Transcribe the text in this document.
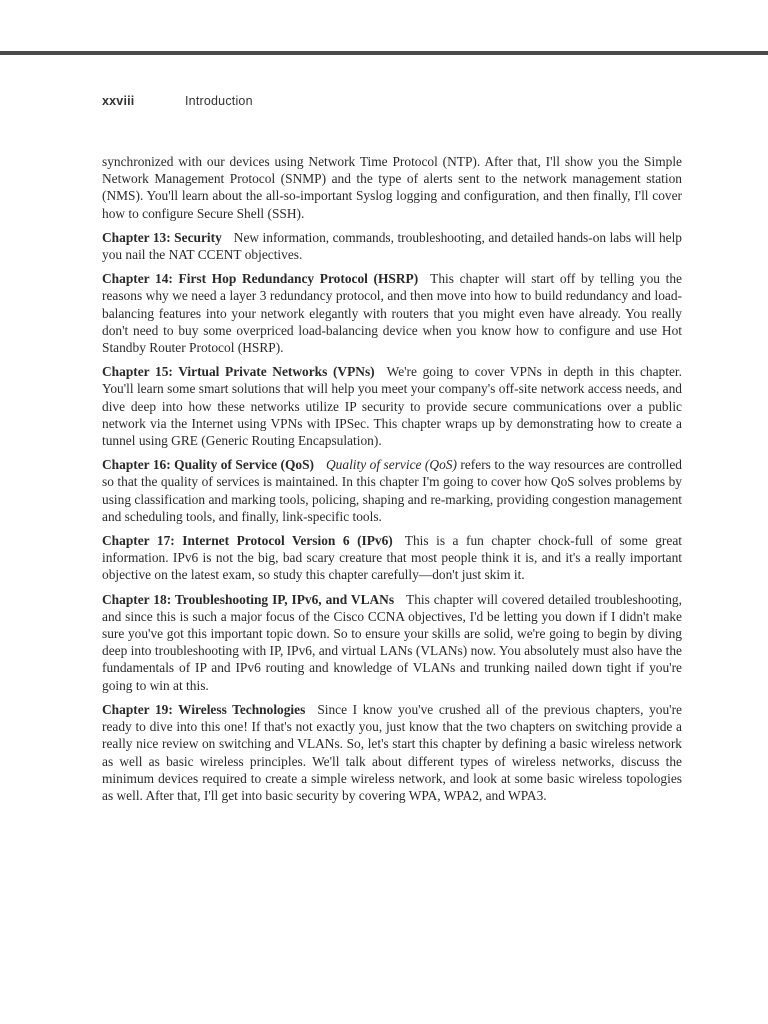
xxviii	Introduction

synchronized with our devices using Network Time Protocol (NTP). After that, I'll show you the Simple Network Management Protocol (SNMP) and the type of alerts sent to the network management station (NMS). You'll learn about the all-so-important Syslog logging and configuration, and then finally, I'll cover how to configure Secure Shell (SSH).

Chapter 13: Security New information, commands, troubleshooting, and detailed hands-on labs will help you nail the NAT CCENT objectives.

Chapter 14: First Hop Redundancy Protocol (HSRP) This chapter will start off by telling you the reasons why we need a layer 3 redundancy protocol, and then move into how to build redundancy and load-balancing features into your network elegantly with routers that you might even have already. You really don't need to buy some overpriced load-balancing device when you know how to configure and use Hot Standby Router Protocol (HSRP).

Chapter 15: Virtual Private Networks (VPNs) We're going to cover VPNs in depth in this chapter. You'll learn some smart solutions that will help you meet your company's off-site network access needs, and dive deep into how these networks utilize IP security to provide secure communications over a public network via the Internet using VPNs with IPSec. This chapter wraps up by demonstrating how to create a tunnel using GRE (Generic Routing Encapsulation).

Chapter 16: Quality of Service (QoS) Quality of service (QoS) refers to the way resources are controlled so that the quality of services is maintained. In this chapter I'm going to cover how QoS solves problems by using classification and marking tools, policing, shaping and re-marking, providing congestion management and scheduling tools, and finally, link-specific tools.

Chapter 17: Internet Protocol Version 6 (IPv6) This is a fun chapter chock-full of some great information. IPv6 is not the big, bad scary creature that most people think it is, and it's a really important objective on the latest exam, so study this chapter carefully—don't just skim it.

Chapter 18: Troubleshooting IP, IPv6, and VLANs This chapter will covered detailed troubleshooting, and since this is such a major focus of the Cisco CCNA objectives, I'd be letting you down if I didn't make sure you've got this important topic down. So to ensure your skills are solid, we're going to begin by diving deep into troubleshooting with IP, IPv6, and virtual LANs (VLANs) now. You absolutely must also have the fundamentals of IP and IPv6 routing and knowledge of VLANs and trunking nailed down tight if you're going to win at this.

Chapter 19: Wireless Technologies Since I know you've crushed all of the previous chapters, you're ready to dive into this one! If that's not exactly you, just know that the two chapters on switching provide a really nice review on switching and VLANs. So, let's start this chapter by defining a basic wireless network as well as basic wireless principles. We'll talk about different types of wireless networks, discuss the minimum devices required to create a simple wireless network, and look at some basic wireless topologies as well. After that, I'll get into basic security by covering WPA, WPA2, and WPA3.
